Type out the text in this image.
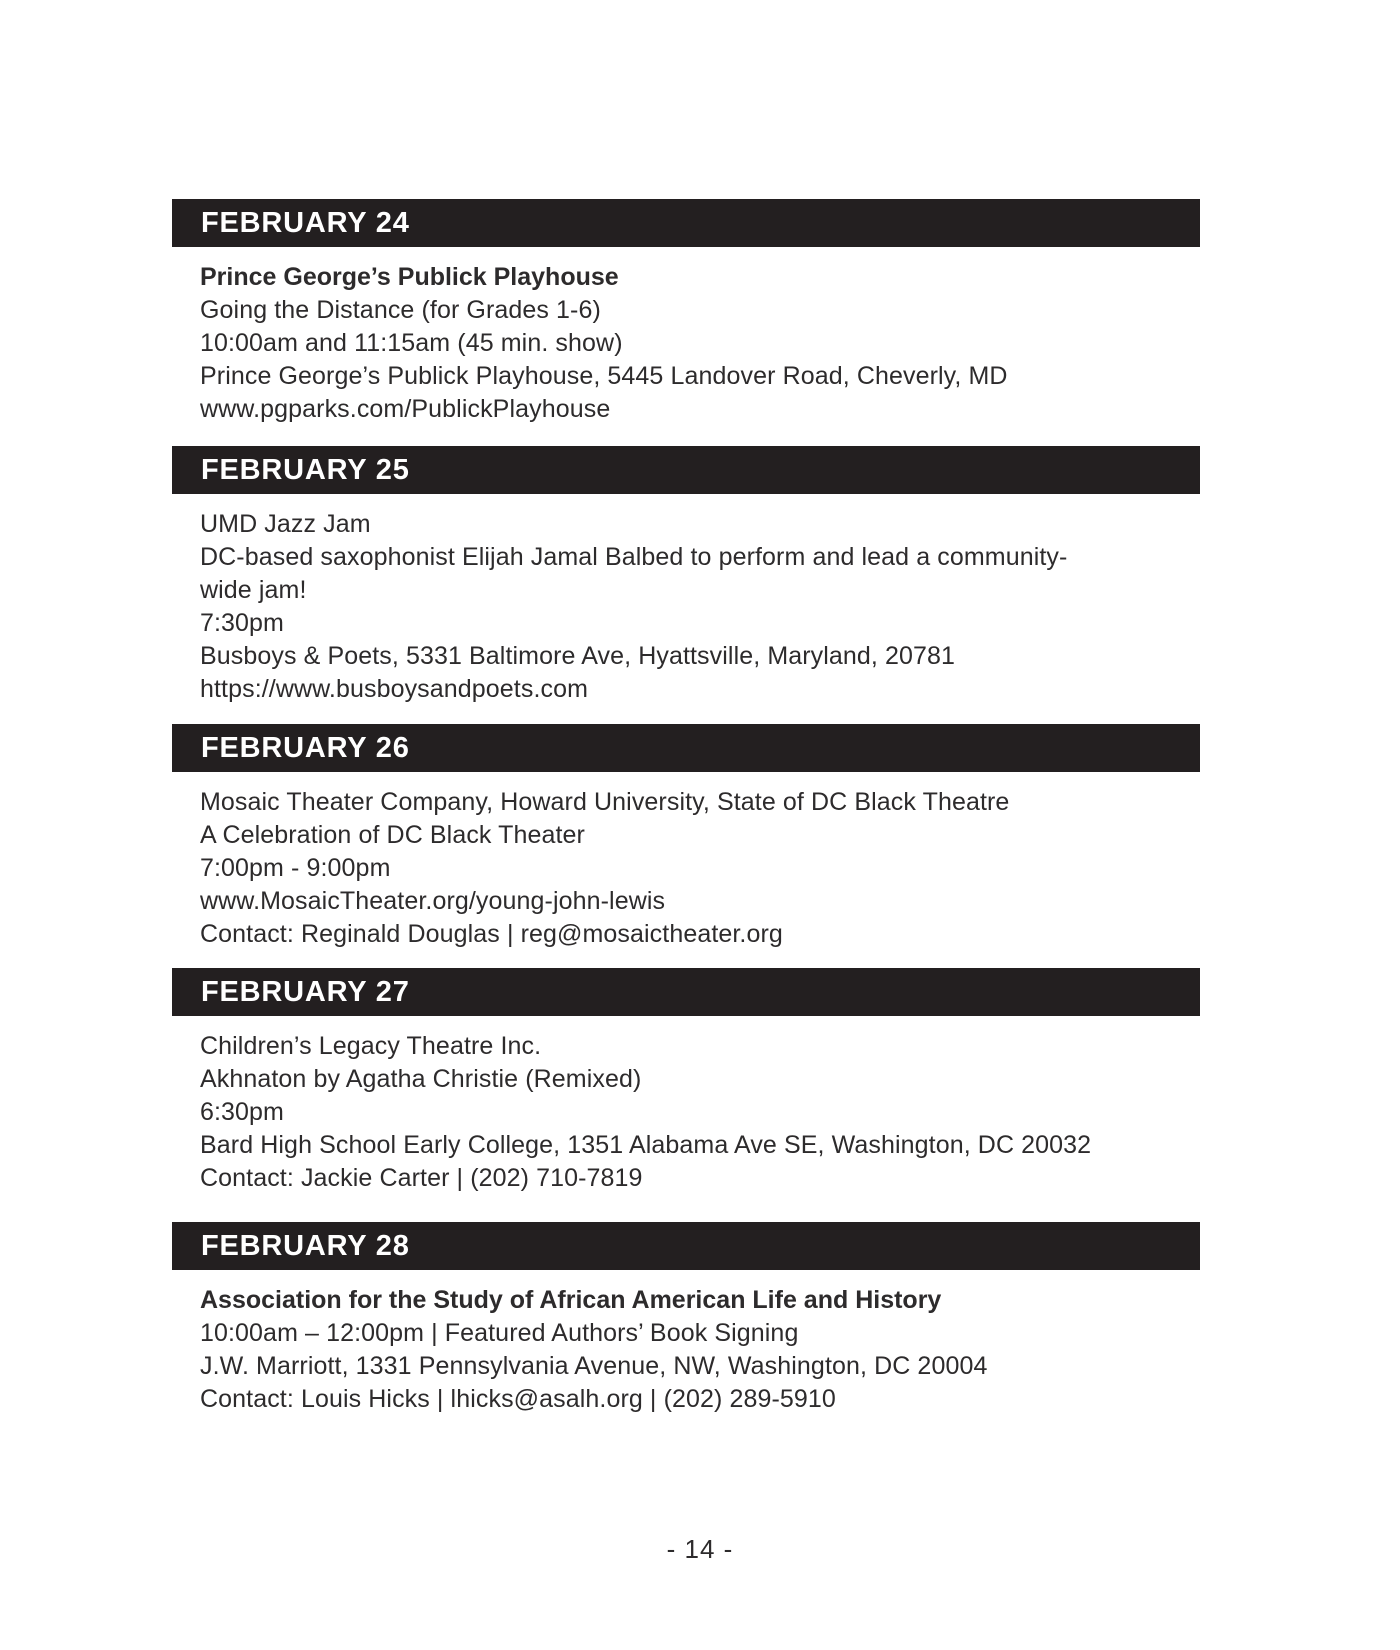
FEBRUARY 24

Prince George’s Publick Playhouse

Going the Distance (for Grades 1-6)

10:00am and 11:15am (45 min. show)

Prince George’s Publick Playhouse, 5445 Landover Road, Cheverly, MD

www.pgparks.com/PublickPlayhouse

FEBRUARY 25

UMD Jazz Jam

DC-based saxophonist Elijah Jamal Balbed to perform and lead a community-

wide jam!

7:30pm

Busboys & Poets, 5331 Baltimore Ave, Hyattsville, Maryland, 20781

https://www.busboysandpoets.com

FEBRUARY 26

Mosaic Theater Company, Howard University, State of DC Black Theatre

A Celebration of DC Black Theater

7:00pm - 9:00pm

www.MosaicTheater.org/young-john-lewis

Contact: Reginald Douglas | reg@mosaictheater.org

FEBRUARY 27

Children’s Legacy Theatre Inc.

Akhnaton by Agatha Christie (Remixed)

6:30pm

Bard High School Early College, 1351 Alabama Ave SE, Washington, DC 20032

Contact: Jackie Carter | (202) 710-7819

FEBRUARY 28

Association for the Study of African American Life and History

10:00am – 12:00pm | Featured Authors’ Book Signing

J.W. Marriott, 1331 Pennsylvania Avenue, NW, Washington, DC 20004

Contact: Louis Hicks | lhicks@asalh.org | (202) 289-5910

- 14 -
